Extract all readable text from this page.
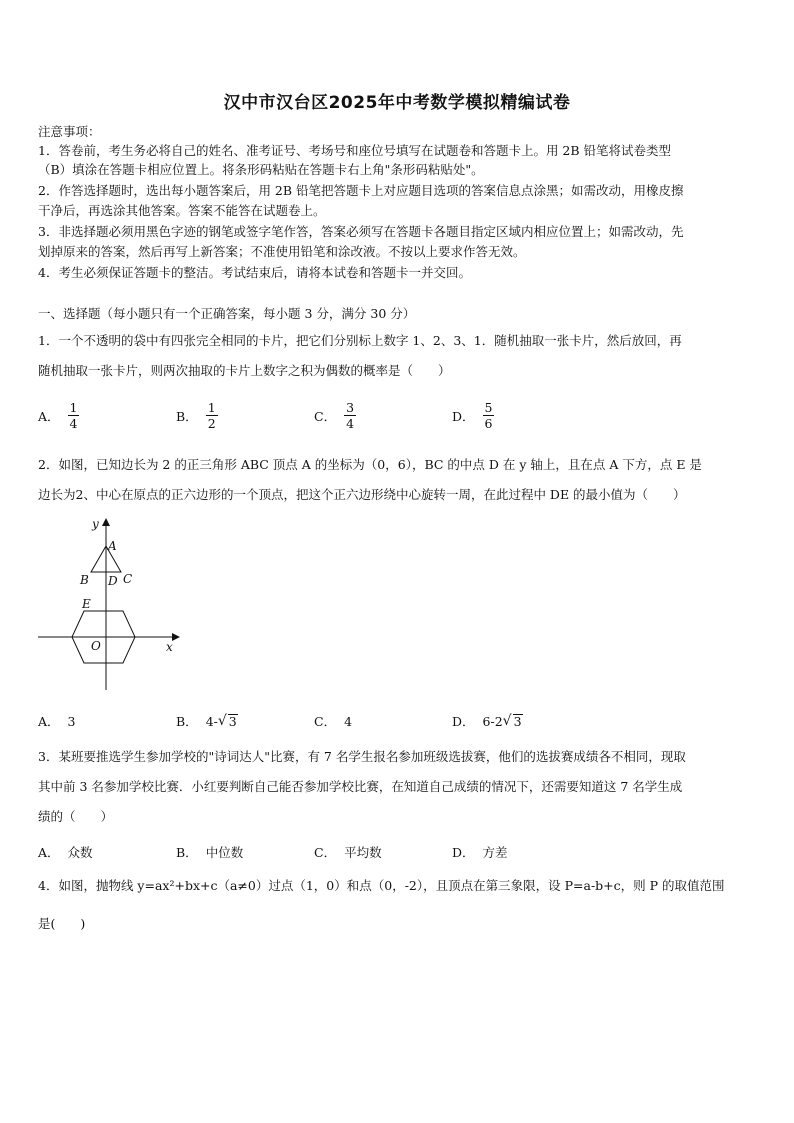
汉中市汉台区2025年中考数学模拟精编试卷
注意事项：
1．答卷前，考生务必将自己的姓名、准考证号、考场号和座位号填写在试题卷和答题卡上。用 2B 铅笔将试卷类型
（B）填涂在答题卡相应位置上。将条形码粘贴在答题卡右上角"条形码粘贴处"。
2．作答选择题时，选出每小题答案后，用 2B 铅笔把答题卡上对应题目选项的答案信息点涂黑；如需改动，用橡皮擦
干净后，再选涂其他答案。答案不能答在试题卷上。
3．非选择题必须用黑色字迹的钢笔或签字笔作答，答案必须写在答题卡各题目指定区域内相应位置上；如需改动，先
划掉原来的答案，然后再写上新答案；不准使用铅笔和涂改液。不按以上要求作答无效。
4．考生必须保证答题卡的整洁。考试结束后，请将本试卷和答题卡一并交回。
一、选择题（每小题只有一个正确答案，每小题 3 分，满分 30 分）
1．一个不透明的袋中有四张完全相同的卡片，把它们分别标上数字 1、2、3、1．随机抽取一张卡片，然后放回，再
随机抽取一张卡片，则两次抽取的卡片上数字之积为偶数的概率是（　　）
A． $\frac{1}{4}$	B． $\frac{1}{2}$	C． $\frac{3}{4}$	D． $\frac{5}{6}$
2．如图，已知边长为 2 的正三角形 ABC 顶点 A 的坐标为（0，6），BC 的中点 D 在 y 轴上，且在点 A 下方，点 E 是
边长为2、中心在原点的正六边形的一个顶点，把这个正六边形绕中心旋转一周，在此过程中 DE 的最小值为（　　）
y
A
B D C
E
O	x
A． 3	B． 4- √ 3	C． 4	D． 6-2 √ 3
3．某班要推选学生参加学校的"诗词达人"比赛，有 7 名学生报名参加班级选拔赛，他们的选拔赛成绩各不相同，现取
其中前 3 名参加学校比赛．小红要判断自己能否参加学校比赛，在知道自己成绩的情况下，还需要知道这 7 名学生成
绩的（　　）
A． 众数	B． 中位数	C． 平均数	D． 方差
4．如图，抛物线 y=ax²+bx+c（a≠0）过点（1，0）和点（0，-2），且顶点在第三象限，设 P=a-b+c，则 P 的取值范围
是(　　)
